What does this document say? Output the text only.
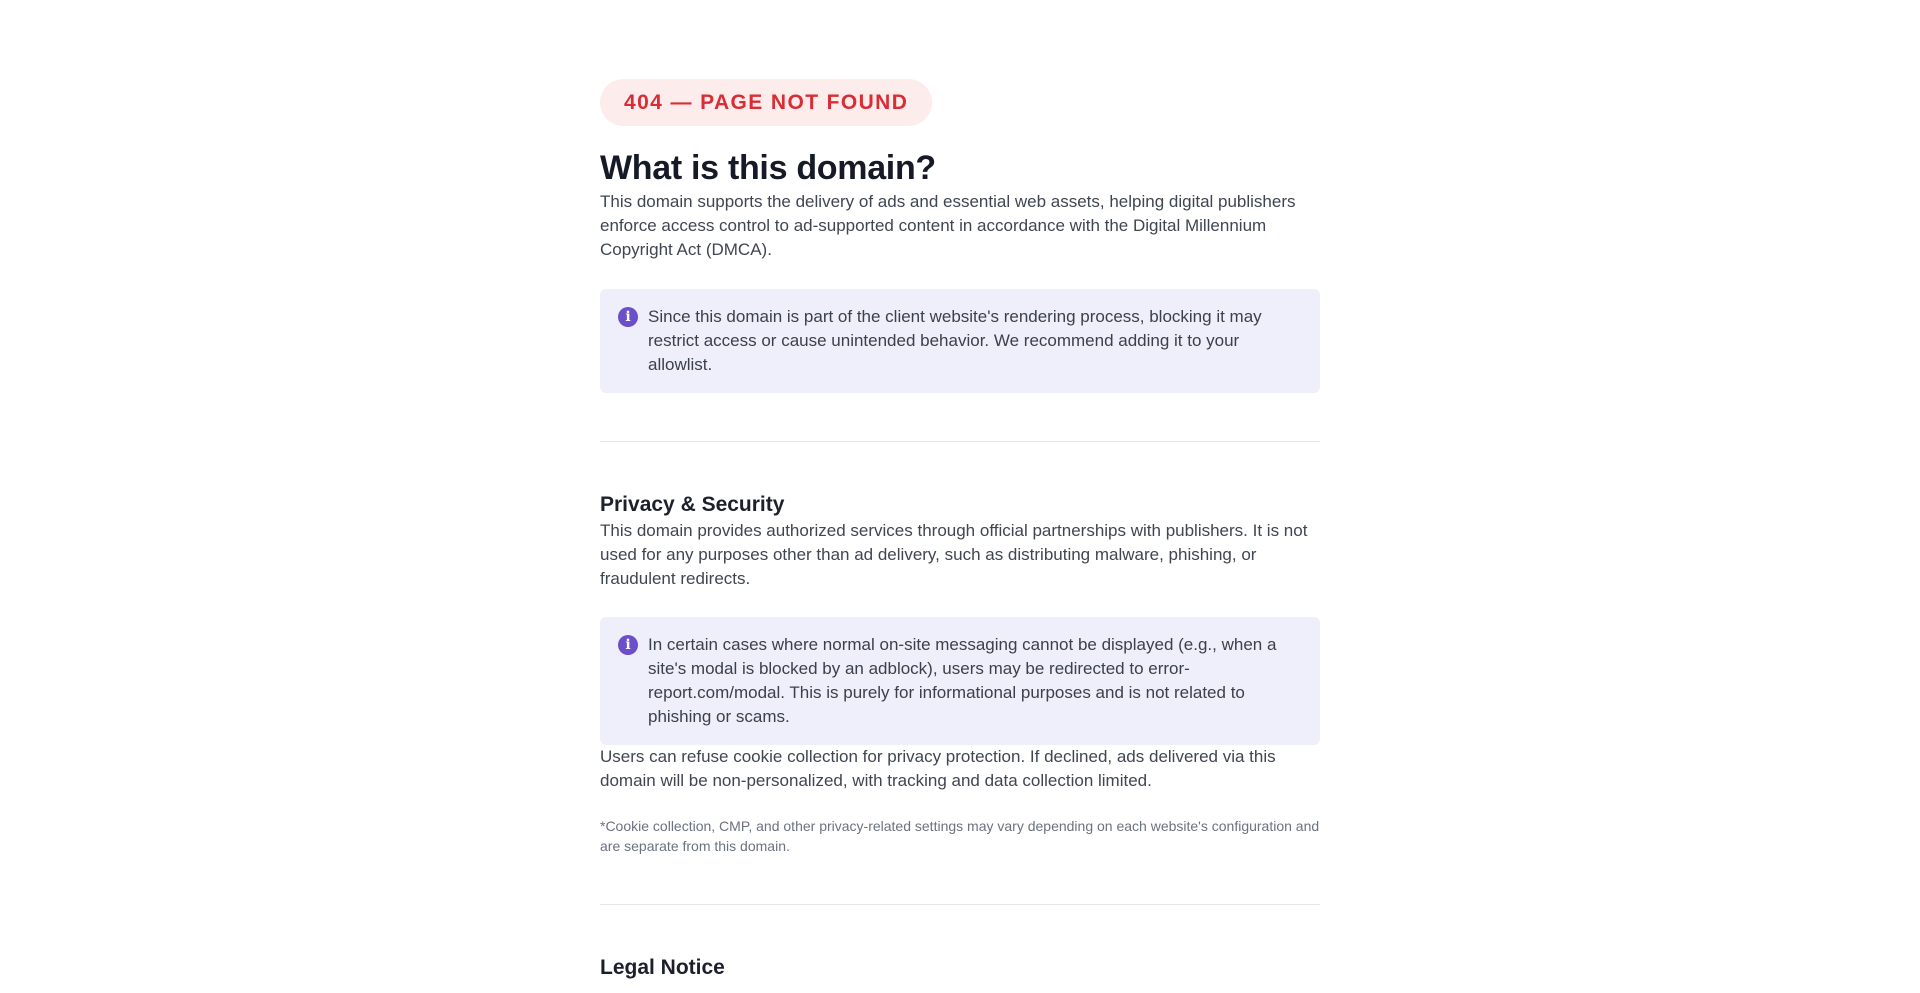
404 — PAGE NOT FOUND
What is this domain?

This domain supports the delivery of ads and essential web assets, helping digital publishers enforce access control to ad-supported content in accordance with the Digital Millennium Copyright Act (DMCA).

i	Since this domain is part of the client website's rendering process, blocking it may restrict access or cause unintended behavior. We recommend adding it to your allowlist.
Privacy & Security

This domain provides authorized services through official partnerships with publishers. It is not used for any purposes other than ad delivery, such as distributing malware, phishing, or fraudulent redirects.

i	In certain cases where normal on-site messaging cannot be displayed (e.g., when a site's modal is blocked by an adblock), users may be redirected to error-report.com/modal. This is purely for informational purposes and is not related to phishing or scams.

Users can refuse cookie collection for privacy protection. If declined, ads delivered via this domain will be non-personalized, with tracking and data collection limited.

*Cookie collection, CMP, and other privacy-related settings may vary depending on each website's configuration and are separate from this domain.

Legal Notice
